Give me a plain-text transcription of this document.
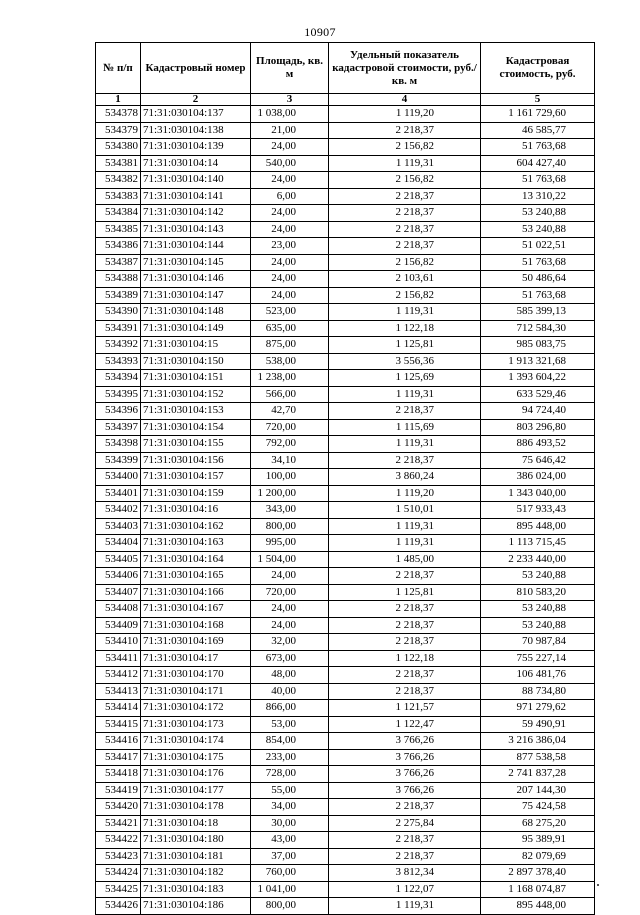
10907
№ п/п	Кадастровый номер	Площадь, кв. м	Удельный показатель кадастровой стоимости, руб./кв. м	Кадастровая стоимость, руб.
1	2	3	4	5
534378	71:31:030104:137	1 038,00	1 119,20	1 161 729,60
534379	71:31:030104:138	21,00	2 218,37	46 585,77
534380	71:31:030104:139	24,00	2 156,82	51 763,68
534381	71:31:030104:14	540,00	1 119,31	604 427,40
534382	71:31:030104:140	24,00	2 156,82	51 763,68
534383	71:31:030104:141	6,00	2 218,37	13 310,22
534384	71:31:030104:142	24,00	2 218,37	53 240,88
534385	71:31:030104:143	24,00	2 218,37	53 240,88
534386	71:31:030104:144	23,00	2 218,37	51 022,51
534387	71:31:030104:145	24,00	2 156,82	51 763,68
534388	71:31:030104:146	24,00	2 103,61	50 486,64
534389	71:31:030104:147	24,00	2 156,82	51 763,68
534390	71:31:030104:148	523,00	1 119,31	585 399,13
534391	71:31:030104:149	635,00	1 122,18	712 584,30
534392	71:31:030104:15	875,00	1 125,81	985 083,75
534393	71:31:030104:150	538,00	3 556,36	1 913 321,68
534394	71:31:030104:151	1 238,00	1 125,69	1 393 604,22
534395	71:31:030104:152	566,00	1 119,31	633 529,46
534396	71:31:030104:153	42,70	2 218,37	94 724,40
534397	71:31:030104:154	720,00	1 115,69	803 296,80
534398	71:31:030104:155	792,00	1 119,31	886 493,52
534399	71:31:030104:156	34,10	2 218,37	75 646,42
534400	71:31:030104:157	100,00	3 860,24	386 024,00
534401	71:31:030104:159	1 200,00	1 119,20	1 343 040,00
534402	71:31:030104:16	343,00	1 510,01	517 933,43
534403	71:31:030104:162	800,00	1 119,31	895 448,00
534404	71:31:030104:163	995,00	1 119,31	1 113 715,45
534405	71:31:030104:164	1 504,00	1 485,00	2 233 440,00
534406	71:31:030104:165	24,00	2 218,37	53 240,88
534407	71:31:030104:166	720,00	1 125,81	810 583,20
534408	71:31:030104:167	24,00	2 218,37	53 240,88
534409	71:31:030104:168	24,00	2 218,37	53 240,88
534410	71:31:030104:169	32,00	2 218,37	70 987,84
534411	71:31:030104:17	673,00	1 122,18	755 227,14
534412	71:31:030104:170	48,00	2 218,37	106 481,76
534413	71:31:030104:171	40,00	2 218,37	88 734,80
534414	71:31:030104:172	866,00	1 121,57	971 279,62
534415	71:31:030104:173	53,00	1 122,47	59 490,91
534416	71:31:030104:174	854,00	3 766,26	3 216 386,04
534417	71:31:030104:175	233,00	3 766,26	877 538,58
534418	71:31:030104:176	728,00	3 766,26	2 741 837,28
534419	71:31:030104:177	55,00	3 766,26	207 144,30
534420	71:31:030104:178	34,00	2 218,37	75 424,58
534421	71:31:030104:18	30,00	2 275,84	68 275,20
534422	71:31:030104:180	43,00	2 218,37	95 389,91
534423	71:31:030104:181	37,00	2 218,37	82 079,69
534424	71:31:030104:182	760,00	3 812,34	2 897 378,40
534425	71:31:030104:183	1 041,00	1 122,07	1 168 074,87
534426	71:31:030104:186	800,00	1 119,31	895 448,00
